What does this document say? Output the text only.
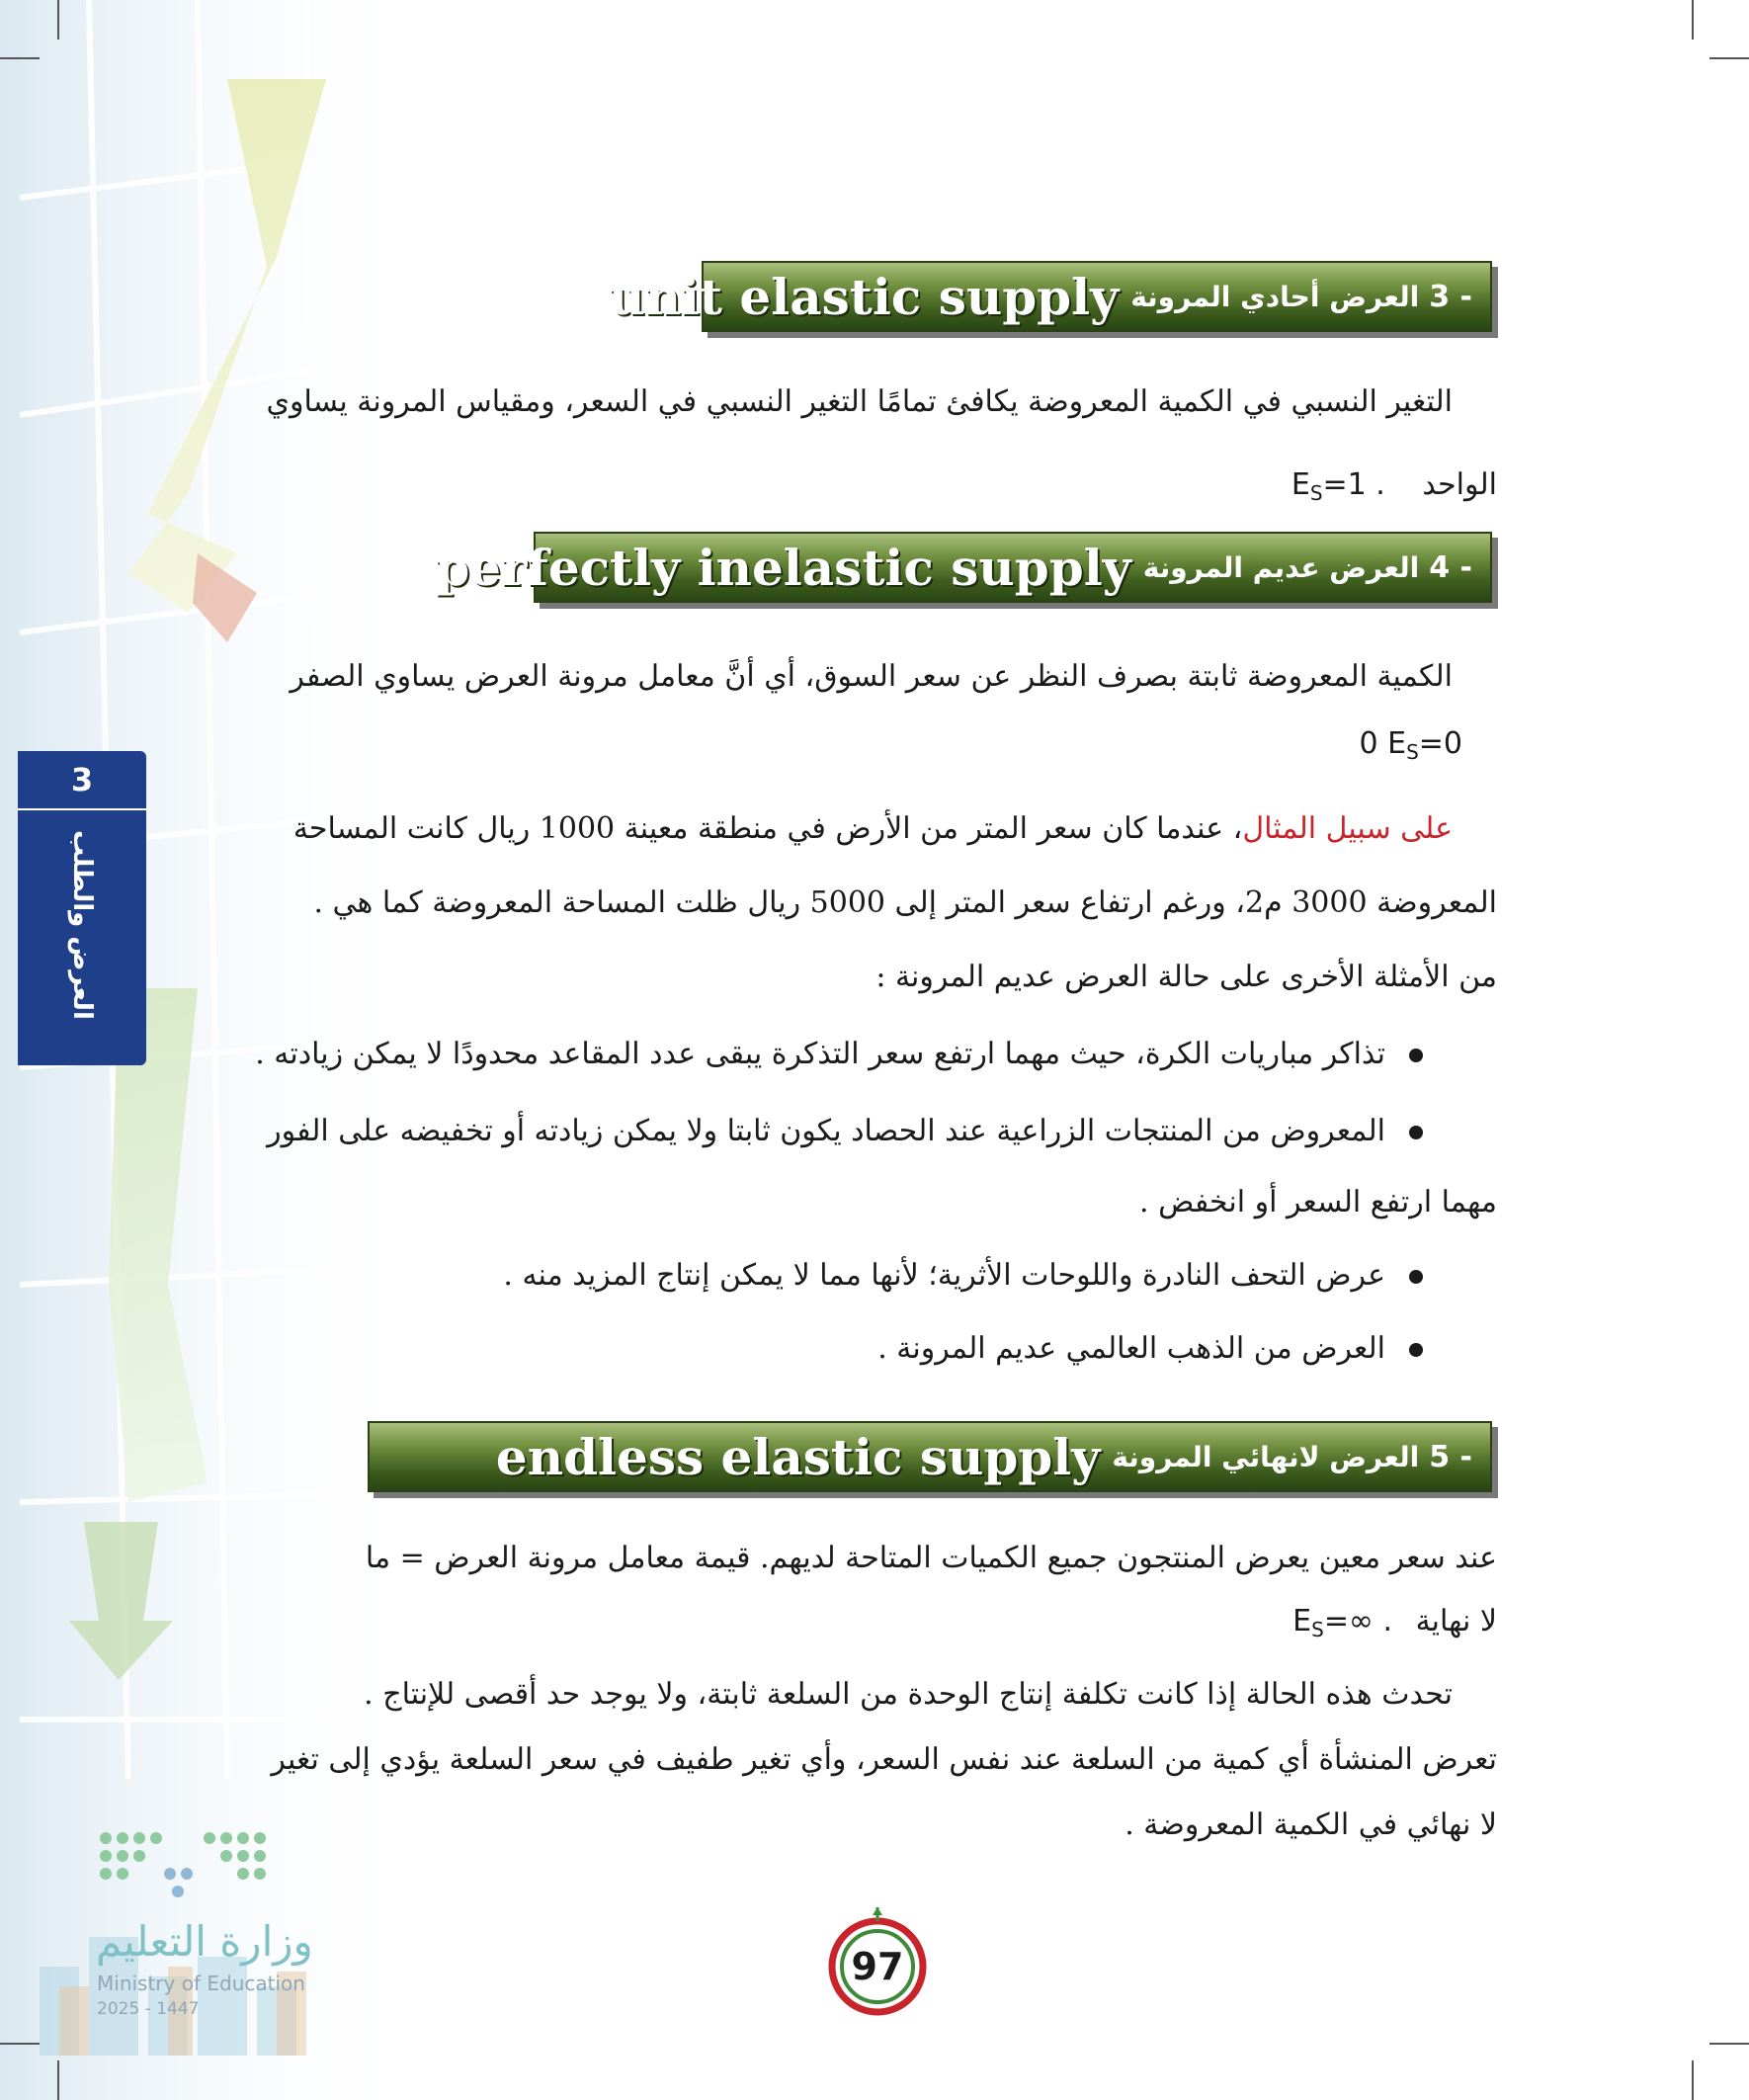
3 -
العرض أحادي المرونة
unit elastic supply

التغير النسبي في الكمية المعروضة يكافئ تمامًا التغير النسبي في السعر، ومقياس المرونة يساوي

الواحد $E_S=1$ .

4 -
العرض عديم المرونة
perfectly inelastic supply

الكمية المعروضة ثابتة بصرف النظر عن سعر السوق، أي أنَّ معامل مرونة العرض يساوي الصفر

0 $E_S=0$

على سبيل المثال، عندما كان سعر المتر من الأرض في منطقة معينة 1000 ريال كانت المساحة

المعروضة 3000 م2، ورغم ارتفاع سعر المتر إلى 5000 ريال ظلت المساحة المعروضة كما هي .

من الأمثلة الأخرى على حالة العرض عديم المرونة :

تذاكر مباريات الكرة، حيث مهما ارتفع سعر التذكرة يبقى عدد المقاعد محدودًا لا يمكن زيادته .

المعروض من المنتجات الزراعية عند الحصاد يكون ثابتا ولا يمكن زيادته أو تخفيضه على الفور

مهما ارتفع السعر أو انخفض .

عرض التحف النادرة واللوحات الأثرية؛ لأنها مما لا يمكن إنتاج المزيد منه .

العرض من الذهب العالمي عديم المرونة .

5 -
العرض لانهائي المرونة
endless elastic supply

عند سعر معين يعرض المنتجون جميع الكميات المتاحة لديهم. قيمة معامل مرونة العرض = ما

لا نهاية $E_S=\infty$ .

تحدث هذه الحالة إذا كانت تكلفة إنتاج الوحدة من السلعة ثابتة، ولا يوجد حد أقصى للإنتاج .

تعرض المنشأة أي كمية من السلعة عند نفس السعر، وأي تغير طفيف في سعر السلعة يؤدي إلى تغير

لا نهائي في الكمية المعروضة .

3
العرض والطلب
97
وزارة التعليم
Ministry of Education
2025 - 1447
